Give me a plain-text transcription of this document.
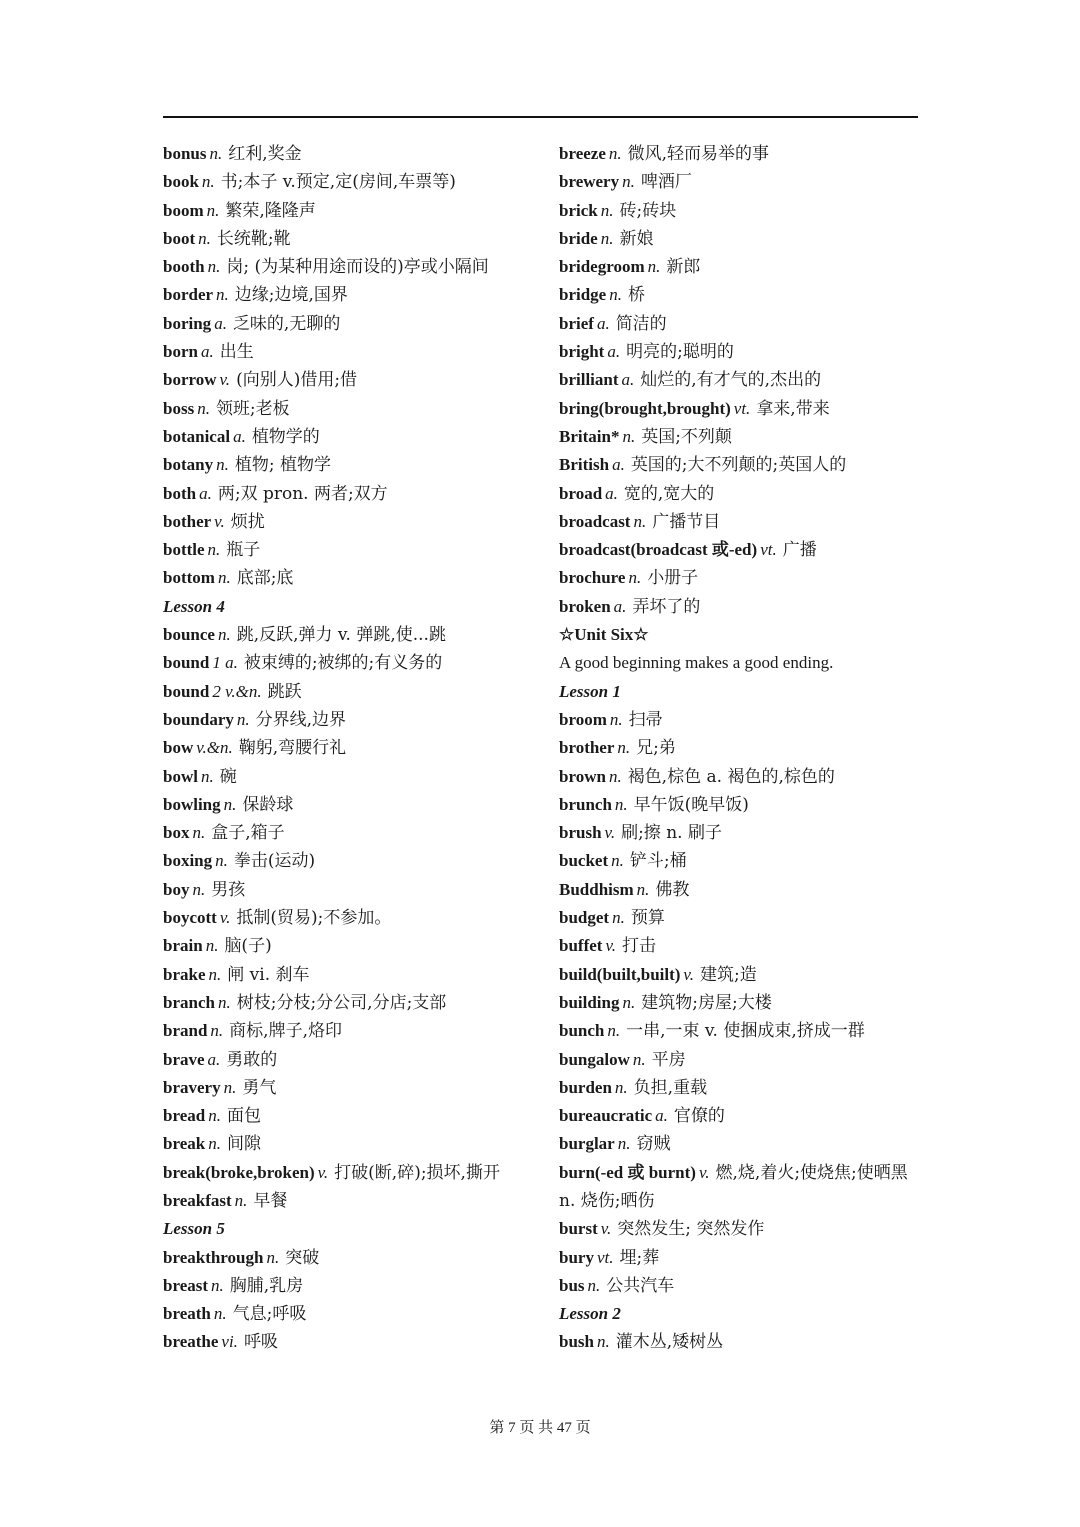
bonus n. 红利,奖金
book n. 书;本子 v.预定,定(房间,车票等)
boom n. 繁荣,隆隆声
boot n. 长统靴;靴
booth n. 岗; (为某种用途而设的)亭或小隔间
border n. 边缘;边境,国界
boring a. 乏味的,无聊的
born a. 出生
borrow v. (向别人)借用;借
boss n. 领班;老板
botanical a. 植物学的
botany n. 植物; 植物学
both a. 两;双 pron. 两者;双方
bother v. 烦扰
bottle n. 瓶子
bottom n. 底部;底
Lesson 4
bounce n. 跳,反跃,弹力 v. 弹跳,使...跳
bound 1 a. 被束缚的;被绑的;有义务的
bound 2 v.&n. 跳跃
boundary n. 分界线,边界
bow v.&n. 鞠躬,弯腰行礼
bowl n. 碗
bowling n. 保龄球
box n. 盒子,箱子
boxing n. 拳击(运动)
boy n. 男孩
boycott v. 抵制(贸易);不参加。
brain n. 脑(子)
brake n. 闸 vi. 刹车
branch n. 树枝;分枝;分公司,分店;支部
brand n. 商标,牌子,烙印
brave a. 勇敢的
bravery n. 勇气
bread n. 面包
break n. 间隙
break(broke,broken) v. 打破(断,碎);损坏,撕开
breakfast n. 早餐
Lesson 5
breakthrough n. 突破
breast n. 胸脯,乳房
breath n. 气息;呼吸
breathe vi. 呼吸
breeze n. 微风,轻而易举的事
brewery n. 啤酒厂
brick n. 砖;砖块
bride n. 新娘
bridegroom n. 新郎
bridge n. 桥
brief a. 简洁的
bright a. 明亮的;聪明的
brilliant a. 灿烂的,有才气的,杰出的
bring(brought,brought) vt. 拿来,带来
Britain* n. 英国;不列颠
British a. 英国的;大不列颠的;英国人的
broad a. 宽的,宽大的
broadcast n. 广播节目
broadcast(broadcast 或-ed) vt. 广播
brochure n. 小册子
broken a. 弄坏了的
☆Unit Six☆
A good beginning makes a good ending.
Lesson 1
broom n. 扫帚
brother n. 兄;弟
brown n. 褐色,棕色 a. 褐色的,棕色的
brunch n. 早午饭(晚早饭)
brush v. 刷;擦 n. 刷子
bucket n. 铲斗;桶
Buddhism n. 佛教
budget n. 预算
buffet v. 打击
build(built,built) v. 建筑;造
building n. 建筑物;房屋;大楼
bunch n. 一串,一束 v. 使捆成束,挤成一群
bungalow n. 平房
burden n. 负担,重载
bureaucratic a. 官僚的
burglar n. 窃贼
burn(-ed 或 burnt) v. 燃,烧,着火;使烧焦;使晒黑 n. 烧伤;晒伤
burst v. 突然发生; 突然发作
bury vt. 埋;葬
bus n. 公共汽车
Lesson 2
bush n. 灌木丛,矮树丛
第 7 页 共 47 页
